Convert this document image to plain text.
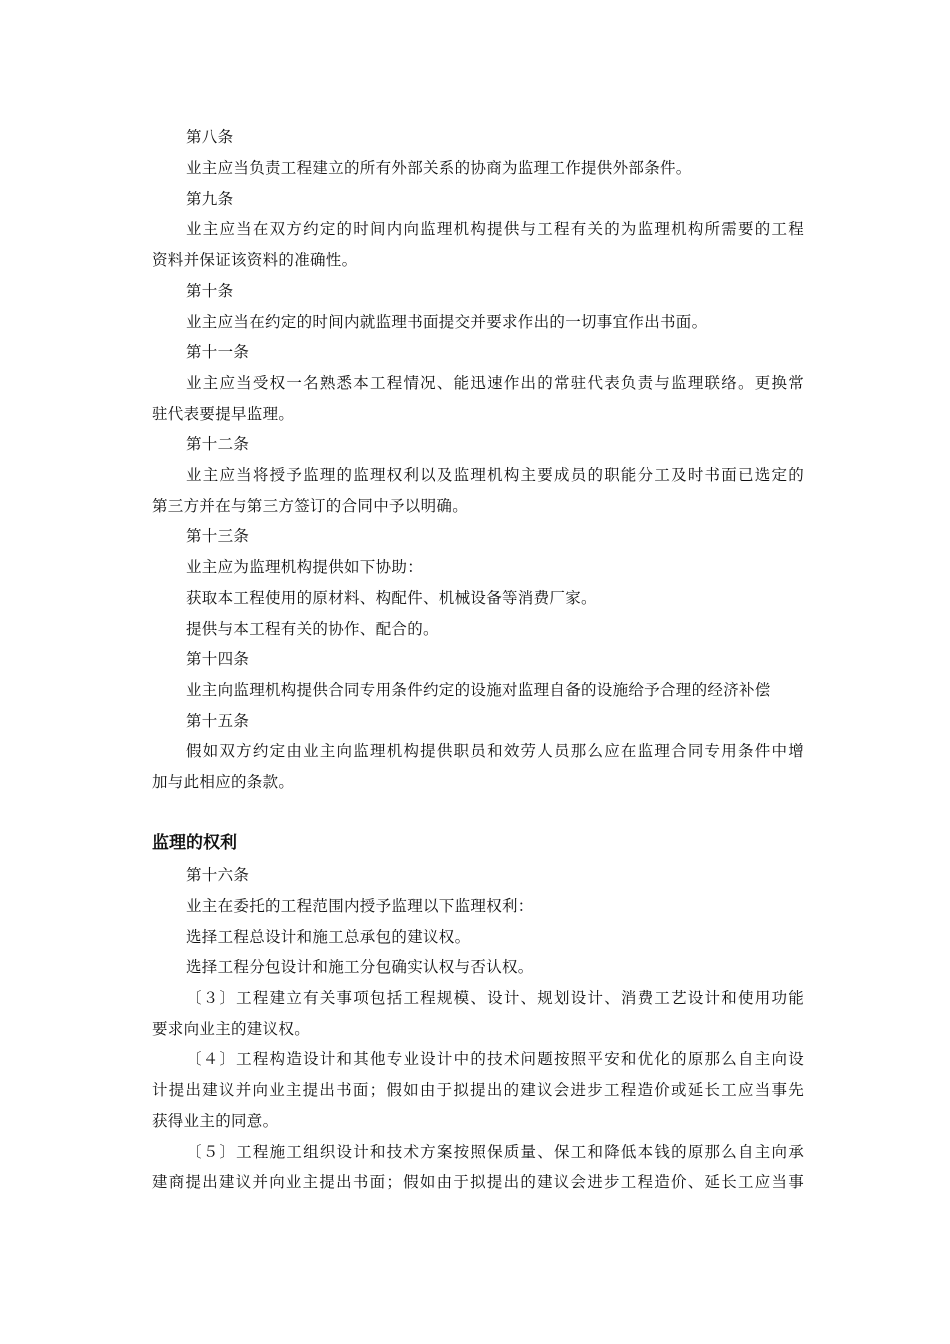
第八条
业主应当负责工程建立的所有外部关系的协商为监理工作提供外部条件。
第九条
业主应当在双方约定的时间内向监理机构提供与工程有关的为监理机构所需要的工程
资料并保证该资料的准确性。
第十条
业主应当在约定的时间内就监理书面提交并要求作出的一切事宜作出书面。
第十一条
业主应当受权一名熟悉本工程情况、能迅速作出的常驻代表负责与监理联络。更换常
驻代表要提早监理。
第十二条
业主应当将授予监理的监理权利以及监理机构主要成员的职能分工及时书面已选定的
第三方并在与第三方签订的合同中予以明确。
第十三条
业主应为监理机构提供如下协助：
获取本工程使用的原材料、构配件、机械设备等消费厂家。
提供与本工程有关的协作、配合的。
第十四条
业主向监理机构提供合同专用条件约定的设施对监理自备的设施给予合理的经济补偿
第十五条
假如双方约定由业主向监理机构提供职员和效劳人员那么应在监理合同专用条件中增
加与此相应的条款。
监理的权利
第十六条
业主在委托的工程范围内授予监理以下监理权利：
选择工程总设计和施工总承包的建议权。
选择工程分包设计和施工分包确实认权与否认权。
〔３〕工程建立有关事项包括工程规模、设计、规划设计、消费工艺设计和使用功能
要求向业主的建议权。
〔４〕工程构造设计和其他专业设计中的技术问题按照平安和优化的原那么自主向设
计提出建议并向业主提出书面；假如由于拟提出的建议会进步工程造价或延长工应当事先
获得业主的同意。
〔５〕工程施工组织设计和技术方案按照保质量、保工和降低本钱的原那么自主向承
建商提出建议并向业主提出书面；假如由于拟提出的建议会进步工程造价、延长工应当事
